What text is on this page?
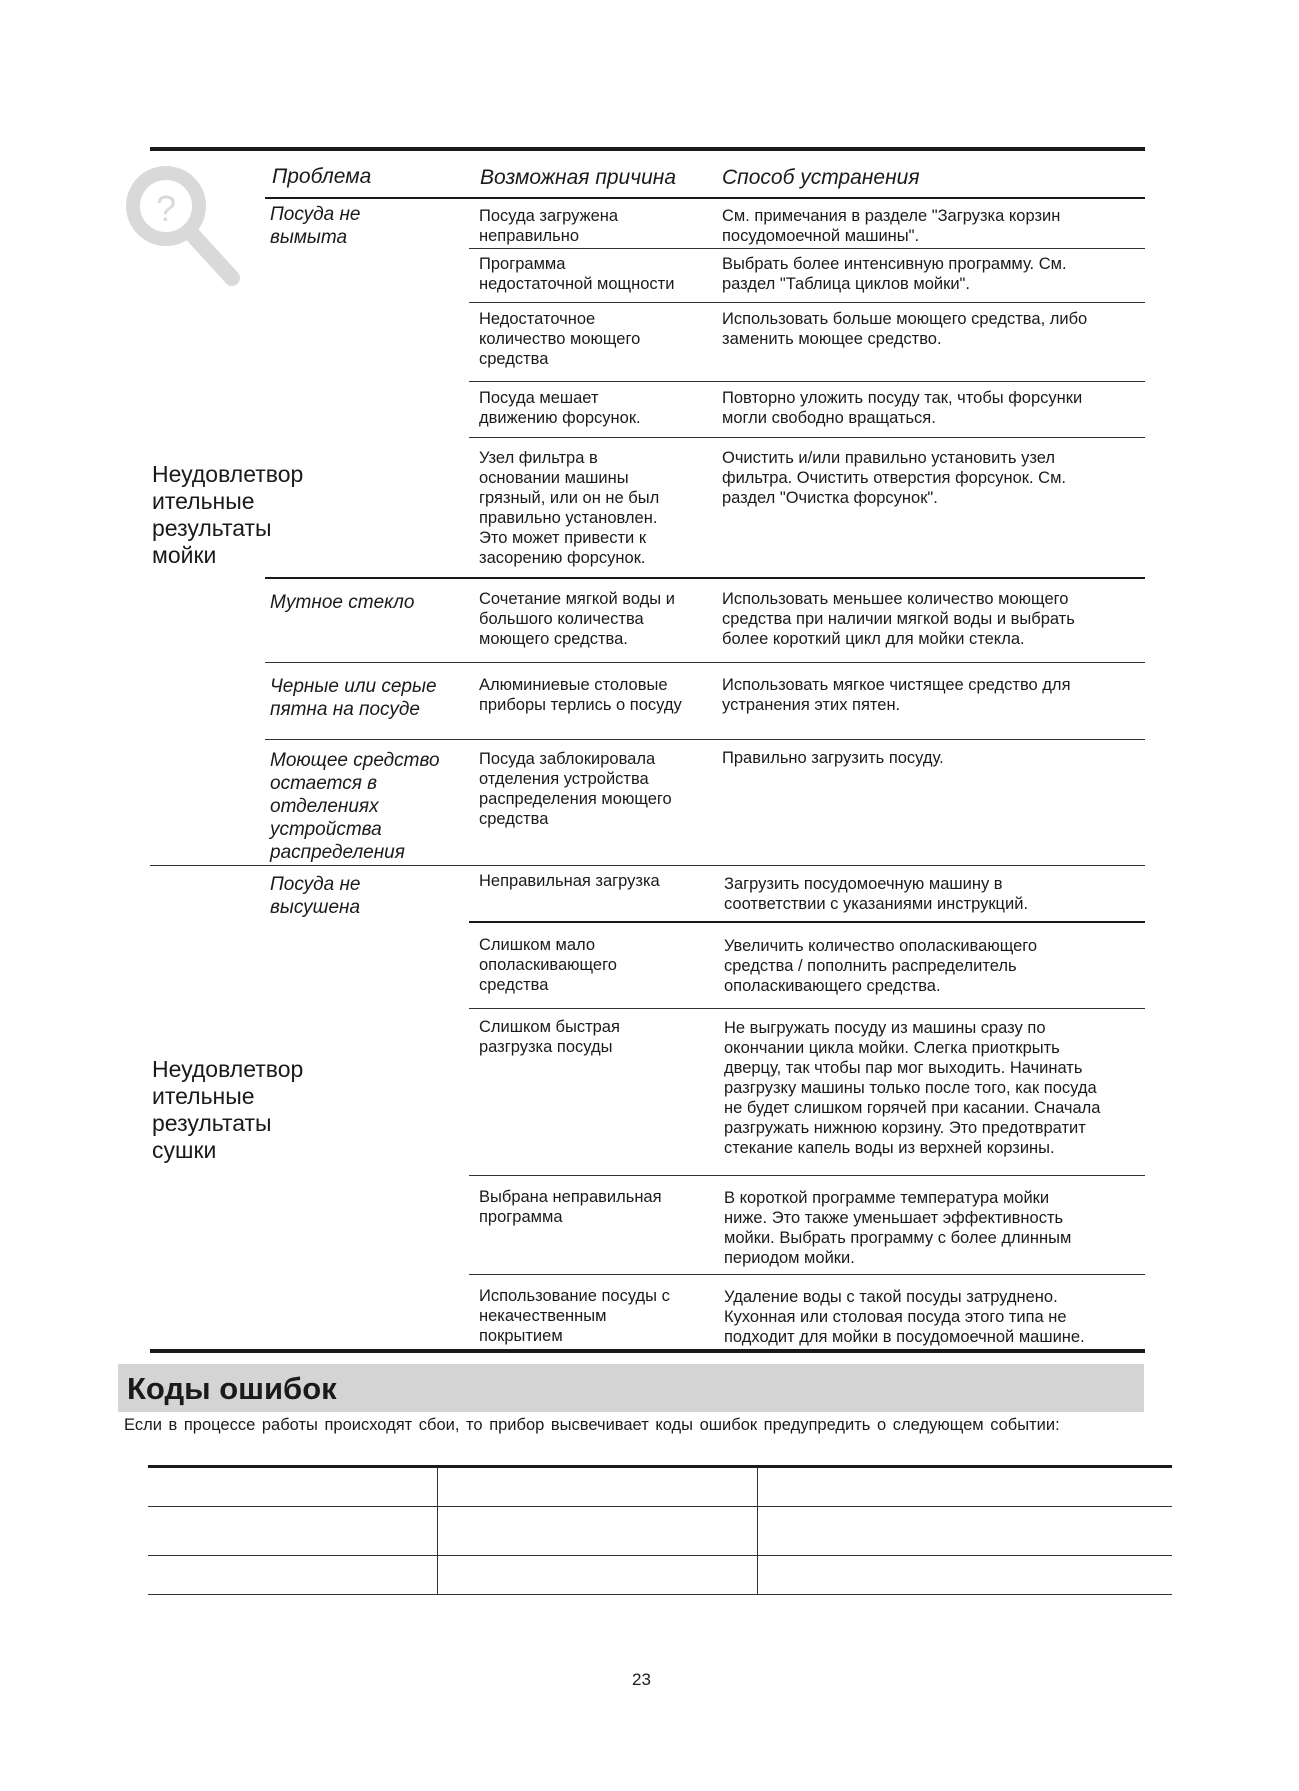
?
Проблема	Возможная причина Способ устранения
Неудовлетвор
ительные
результаты
мойки
Неудовлетвор
ительные
результаты
сушки
Посуда не
вымыта
Мутное стекло
Черные или серые
пятна на посуде
Моющее средство
остается в
отделениях
устройства
распределения
Посуда не
высушена
Посуда загружена
неправильно
Программа
недостаточной мощности
Недостаточное
количество моющего
средства
Посуда мешает
движению форсунок.
Узел фильтра в
основании машины
грязный, или он не был
правильно установлен.
Это может привести к
засорению форсунок.
Сочетание мягкой воды и
большого количества
моющего средства.
Алюминиевые столовые
приборы терлись о посуду
Посуда заблокировала
отделения устройства
распределения моющего
средства
Неправильная загрузка
Слишком мало
ополаскивающего
средства
Слишком быстрая
разгрузка посуды
Выбрана неправильная
программа
Использование посуды с
некачественным
покрытием
См. примечания в разделе "Загрузка корзин
посудомоечной машины".
Выбрать более интенсивную программу. См.
раздел "Таблица циклов мойки".
Использовать больше моющего средства, либо
заменить моющее средство.
Повторно уложить посуду так, чтобы форсунки
могли свободно вращаться.
Очистить и/или правильно установить узел
фильтра. Очистить отверстия форсунок. См.
раздел "Очистка форсунок".
Использовать меньшее количество моющего
средства при наличии мягкой воды и выбрать
более короткий цикл для мойки стекла.
Использовать мягкое чистящее средство для
устранения этих пятен.
Правильно загрузить посуду.
Загрузить посудомоечную машину в
соответствии с указаниями инструкций.
Увеличить количество ополаскивающего
средства / пополнить распределитель
ополаскивающего средства.
Не выгружать посуду из машины сразу по
окончании цикла мойки. Слегка приоткрыть
дверцу, так чтобы пар мог выходить. Начинать
разгрузку машины только после того, как посуда
не будет слишком горячей при касании. Сначала
разгружать нижнюю корзину. Это предотвратит
стекание капель воды из верхней корзины.
В короткой программе температура мойки
ниже. Это также уменьшает эффективность
мойки. Выбрать программу с более длинным
периодом мойки.
Удаление воды с такой посуды затруднено.
Кухонная или столовая посуда этого типа не
подходит для мойки в посудомоечной машине.
Коды ошибок
Если в процессе работы происходят сбои, то прибор высвечивает коды ошибок предупредить о следующем событии:
23
